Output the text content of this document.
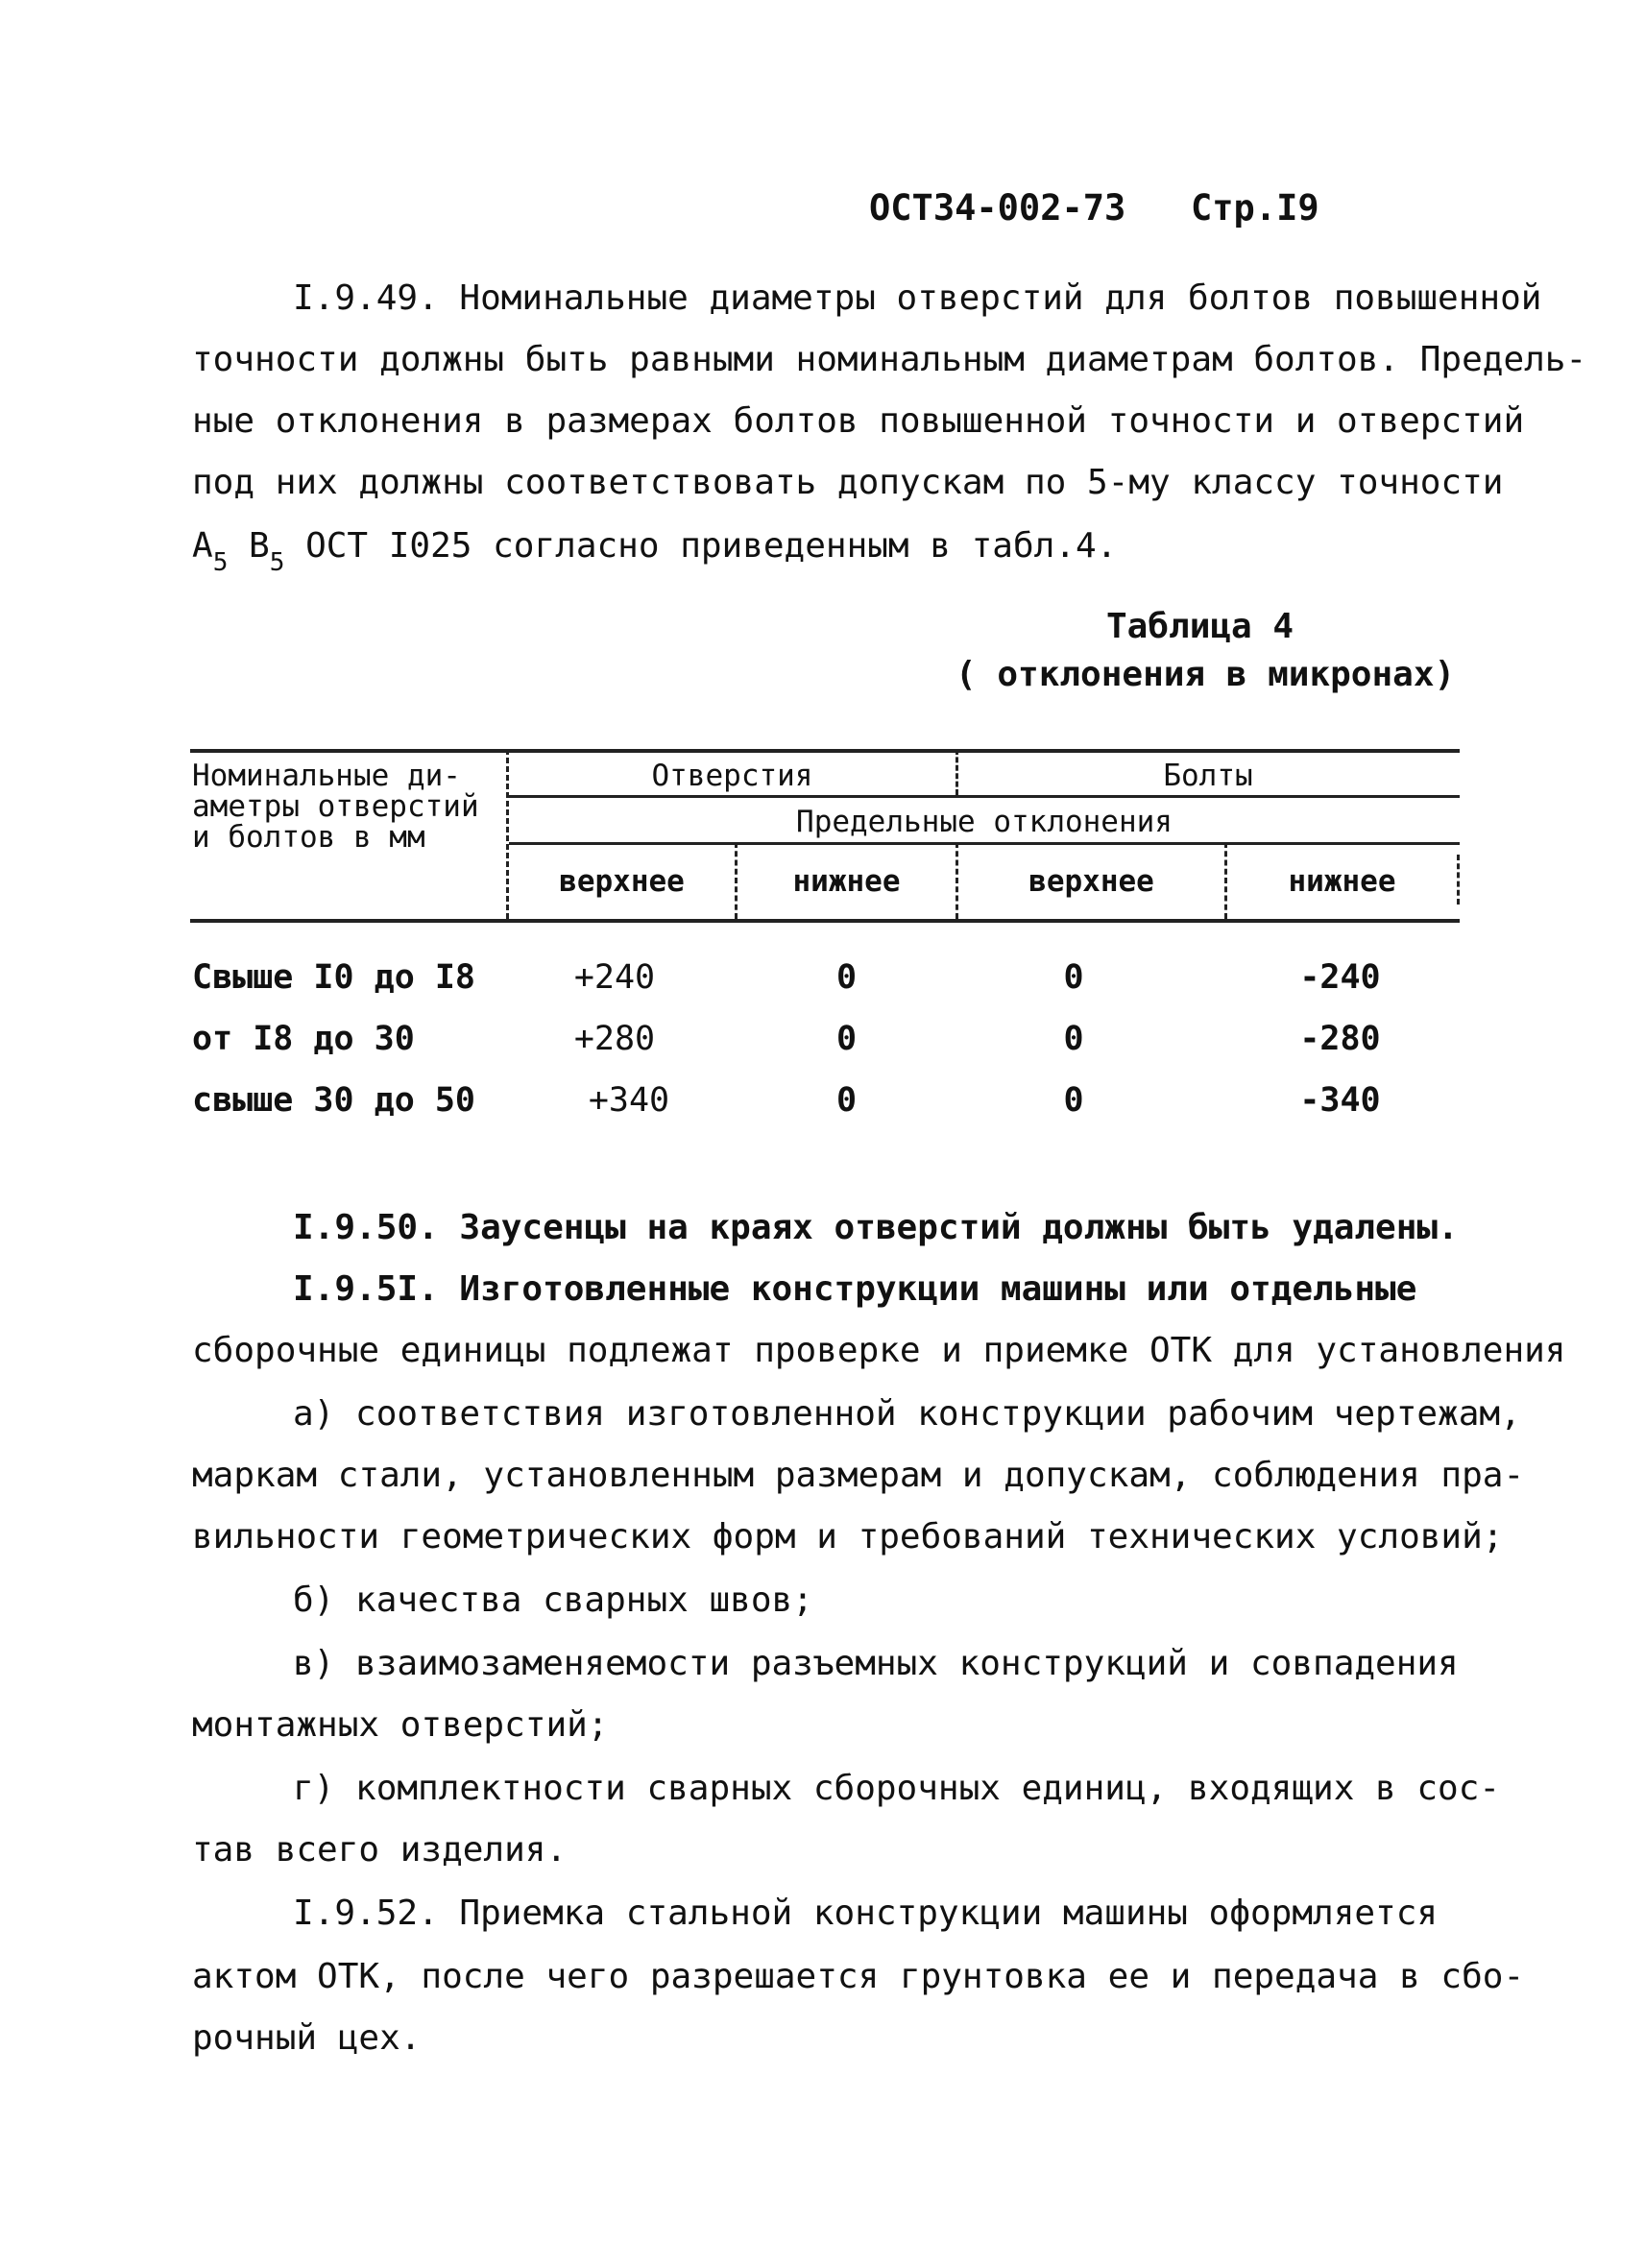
ОСТ34-002-73 Стр.I9
I.9.49. Номинальные диаметры отверстий для болтов повышенной
точности должны быть равными номинальным диаметрам болтов. Предель-
ные отклонения в размерах болтов повышенной точности и отверстий
под них должны соответствовать допускам по 5-му классу точности
$A_5$ $B_5$ ОСТ I025 согласно приведенным в табл.4.
Таблица 4
( отклонения в микронах)
Номинальные ди-
аметры отверстий
и болтов в мм
Отверстия	Болты
Предельные отклонения
верхнее	нижнее	верхнее	нижнее
Свыше I0 до I8	+240	0	0	-240
от I8 до 30	+280	0	0	-280
свыше 30 до 50	+340	0	0	-340
I.9.50. Заусенцы на краях отверстий должны быть удалены.
I.9.5I. Изготовленные конструкции машины или отдельные
сборочные единицы подлежат проверке и приемке ОТК для установления
а) соответствия изготовленной конструкции рабочим чертежам,
маркам стали, установленным размерам и допускам, соблюдения пра-
вильности геометрических форм и требований технических условий;
б) качества сварных швов;
в) взаимозаменяемости разъемных конструкций и совпадения
монтажных отверстий;
г) комплектности сварных сборочных единиц, входящих в сос-
тав всего изделия.
I.9.52. Приемка стальной конструкции машины оформляется
актом ОТК, после чего разрешается грунтовка ее и передача в сбо-
рочный цех.
